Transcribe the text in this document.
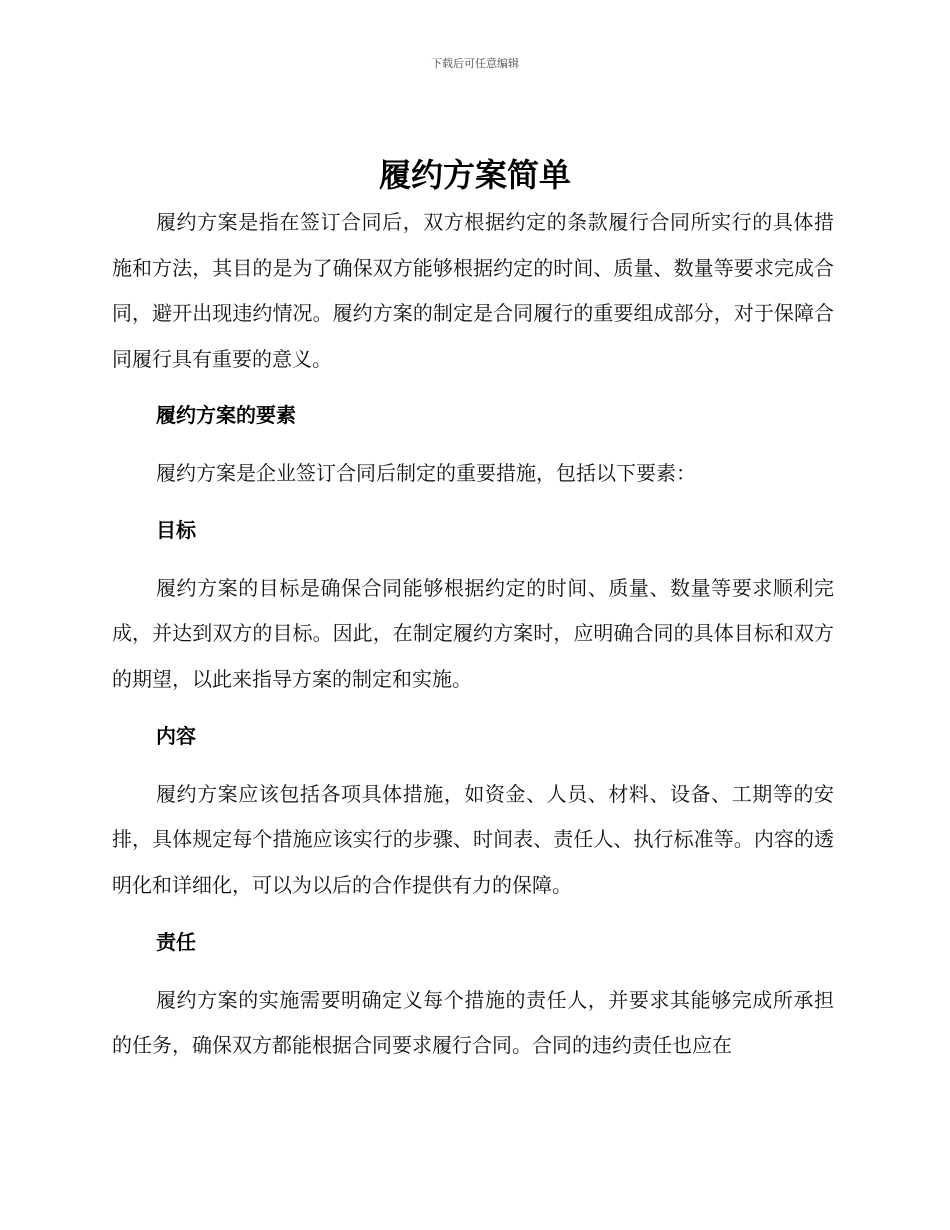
下载后可任意编辑
履约方案简单

履约方案是指在签订合同后，双方根据约定的条款履行合同所实行的具体措施和方法，其目的是为了确保双方能够根据约定的时间、质量、数量等要求完成合同，避开出现违约情况。履约方案的制定是合同履行的重要组成部分，对于保障合同履行具有重要的意义。

履约方案的要素

履约方案是企业签订合同后制定的重要措施，包括以下要素：

目标

履约方案的目标是确保合同能够根据约定的时间、质量、数量等要求顺利完成，并达到双方的目标。因此，在制定履约方案时，应明确合同的具体目标和双方的期望，以此来指导方案的制定和实施。

内容

履约方案应该包括各项具体措施，如资金、人员、材料、设备、工期等的安排，具体规定每个措施应该实行的步骤、时间表、责任人、执行标准等。内容的透明化和详细化，可以为以后的合作提供有力的保障。

责任

履约方案的实施需要明确定义每个措施的责任人，并要求其能够完成所承担的任务，确保双方都能根据合同要求履行合同。合同的违约责任也应在
